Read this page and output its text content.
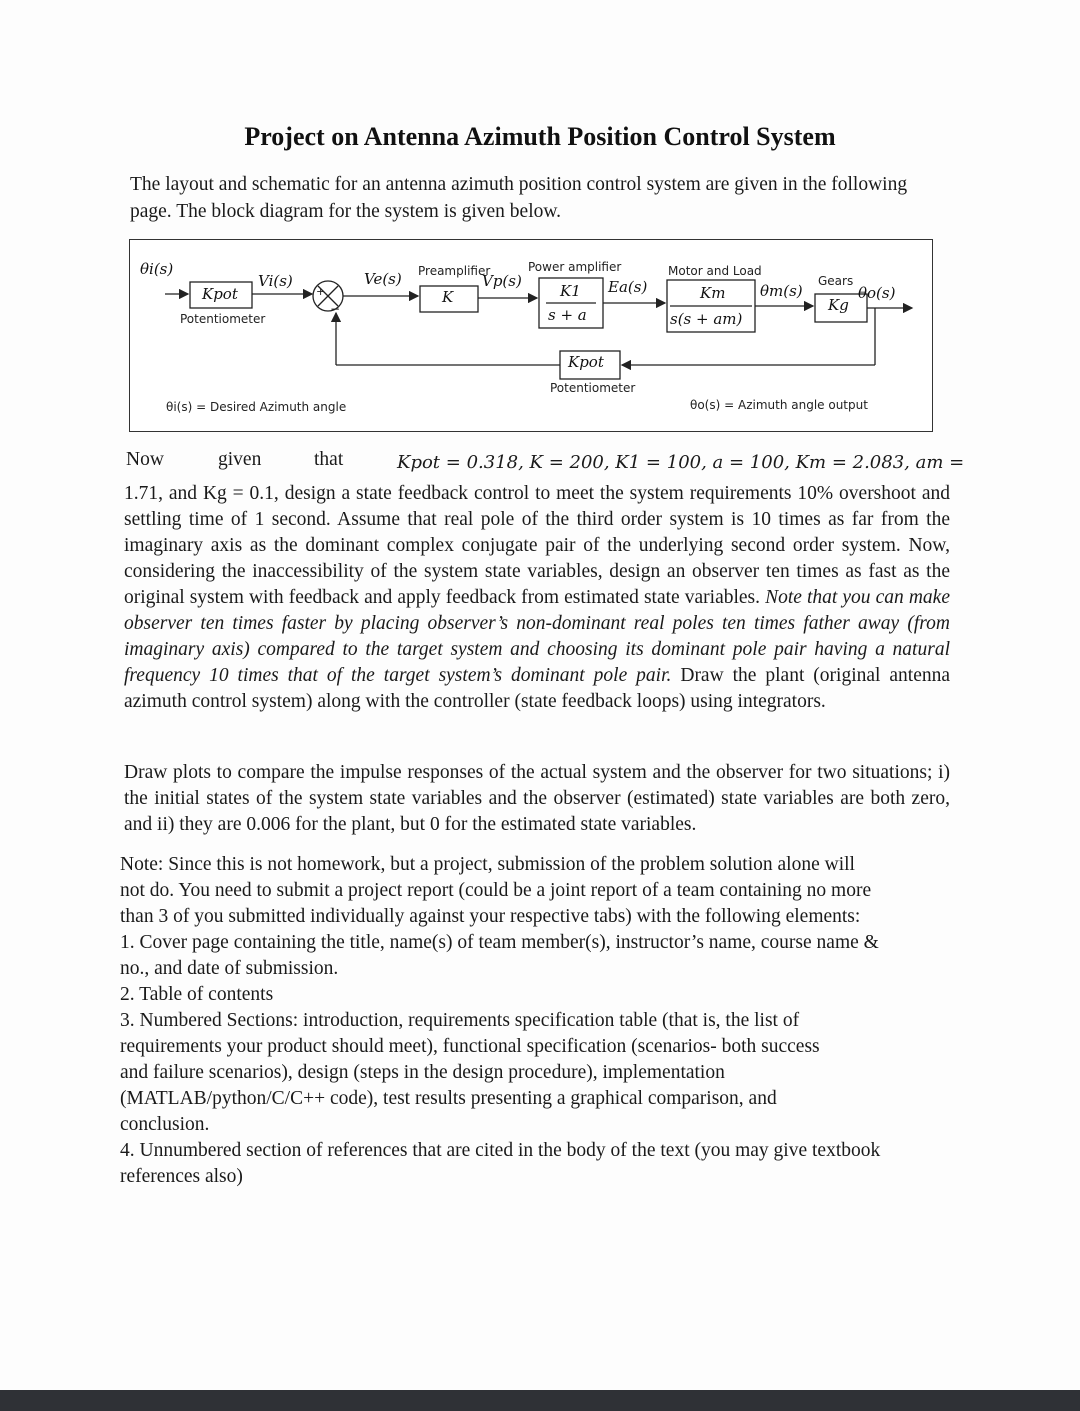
Project on Antenna Azimuth Position Control System
The layout and schematic for an antenna azimuth position control system are given in the following page. The block diagram for the system is given below.
θi(s)
Kpot
Potentiometer
Vi(s)
+
−
Ve(s) Preamplifier
K
Vp(s)
Power amplifier
K1
s + a
Ea(s)
Motor and Load
Km
s(s + am)
θm(s)
Gears
Kg
θo(s)
Kpot
Potentiometer
θi(s) = Desired Azimuth angle	θo(s) = Azimuth angle output
Now	given	that	Kpot = 0.318, K = 200, K1 = 100, a = 100, Km = 2.083, am =
1.71, and Kg = 0.1, design a state feedback control to meet the system requirements 10% overshoot and settling time of 1 second. Assume that real pole of the third order system is 10 times as far from the imaginary axis as the dominant complex conjugate pair of the underlying second order system. Now, considering the inaccessibility of the system state variables, design an observer ten times as fast as the original system with feedback and apply feedback from estimated state variables. Note that you can make observer ten times faster by placing observer’s non-dominant real poles ten times father away (from imaginary axis) compared to the target system and choosing its dominant pole pair having a natural frequency 10 times that of the target system’s dominant pole pair. Draw the plant (original antenna azimuth control system) along with the controller (state feedback loops) using integrators.
Draw plots to compare the impulse responses of the actual system and the observer for two situations; i) the initial states of the system state variables and the observer (estimated) state variables are both zero, and ii) they are 0.006 for the plant, but 0 for the estimated state variables.
Note: Since this is not homework, but a project, submission of the problem solution alone will
not do. You need to submit a project report (could be a joint report of a team containing no more
than 3 of you submitted individually against your respective tabs) with the following elements:
1. Cover page containing the title, name(s) of team member(s), instructor’s name, course name &
no., and date of submission.
2. Table of contents
3. Numbered Sections: introduction, requirements specification table (that is, the list of
requirements your product should meet), functional specification (scenarios- both success
and failure scenarios), design (steps in the design procedure), implementation
(MATLAB/python/C/C++ code), test results presenting a graphical comparison, and
conclusion.
4. Unnumbered section of references that are cited in the body of the text (you may give textbook
references also)
